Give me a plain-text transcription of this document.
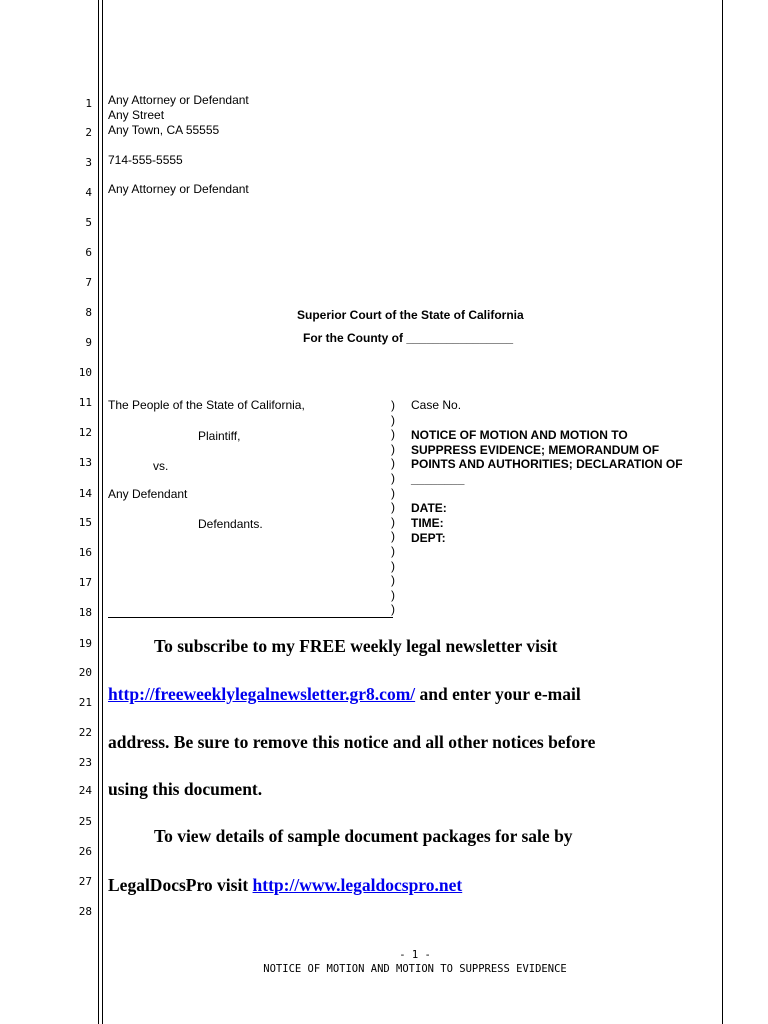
1
2
3
4
5
6
7
8
9
10
11
12
13
14
15
16
17
18
19
20
21
22
23
24
25
26
27
28
Any Attorney or Defendant
Any Street
Any Town, CA 55555
714-555-5555
Any Attorney or Defendant
Superior Court of the State of California
For the County of ________________
The People of the State of California,
Plaintiff,
vs.
Any Defendant
Defendants.
)
)
)
)
)
)
)
)
)
)
)
)
)
)
)
Case No.
NOTICE OF MOTION AND MOTION TO
SUPPRESS EVIDENCE; MEMORANDUM OF
POINTS AND AUTHORITIES; DECLARATION OF
________
DATE:
TIME:
DEPT:
To subscribe to my FREE weekly legal newsletter visit
http://freeweeklylegalnewsletter.gr8.com/ and enter your e-mail
address. Be sure to remove this notice and all other notices before
using this document.
To view details of sample document packages for sale by
LegalDocsPro visit http://www.legaldocspro.net
- 1 -
NOTICE OF MOTION AND MOTION TO SUPPRESS EVIDENCE
